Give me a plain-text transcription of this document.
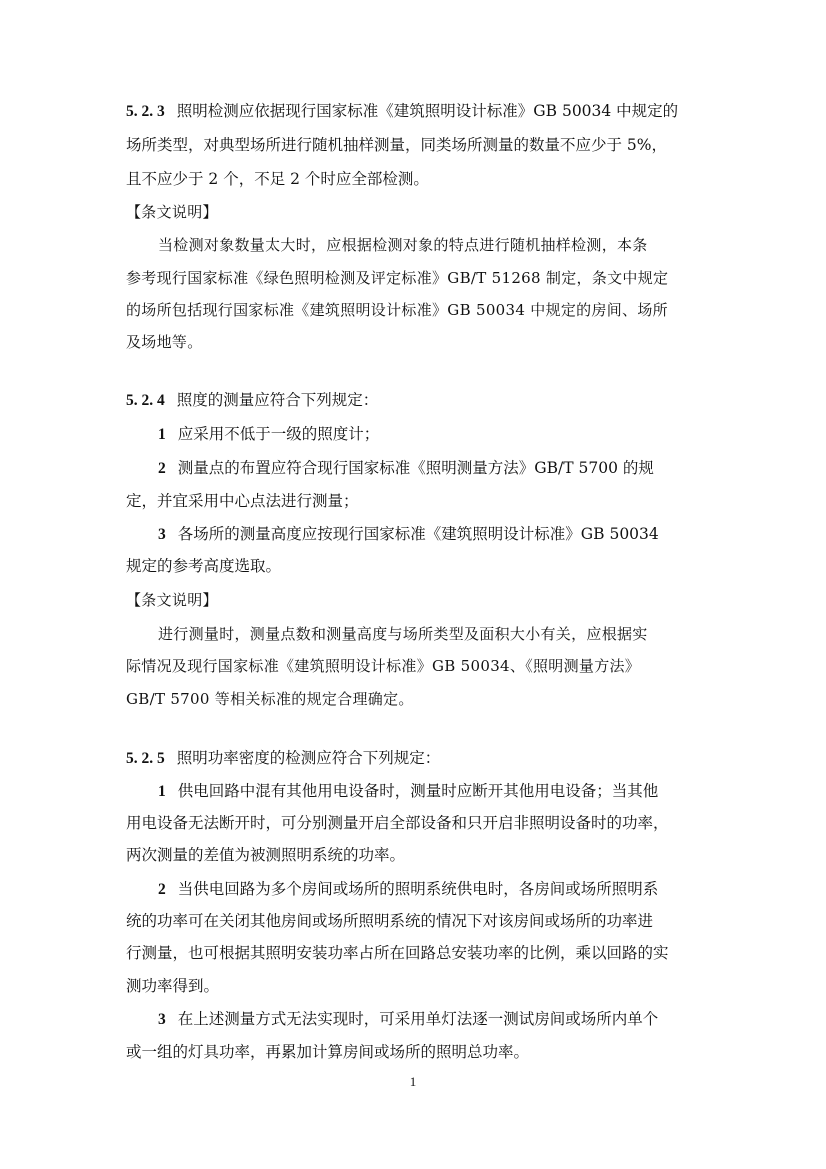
5. 2. 3 照明检测应依据现行国家标准《建筑照明设计标准》GB 50034 中规定的
场所类型，对典型场所进行随机抽样测量，同类场所测量的数量不应少于 5%，
且不应少于 2 个，不足 2 个时应全部检测。
【条文说明】
当检测对象数量太大时，应根据检测对象的特点进行随机抽样检测，本条
参考现行国家标准《绿色照明检测及评定标准》GB/T 51268 制定，条文中规定
的场所包括现行国家标准《建筑照明设计标准》GB 50034 中规定的房间、场所
及场地等。
5. 2. 4 照度的测量应符合下列规定：
1 应采用不低于一级的照度计；
2 测量点的布置应符合现行国家标准《照明测量方法》GB/T 5700 的规
定，并宜采用中心点法进行测量；
3 各场所的测量高度应按现行国家标准《建筑照明设计标准》GB 50034
规定的参考高度选取。
【条文说明】
进行测量时，测量点数和测量高度与场所类型及面积大小有关，应根据实
际情况及现行国家标准《建筑照明设计标准》GB 50034、《照明测量方法》
GB/T 5700 等相关标准的规定合理确定。
5. 2. 5 照明功率密度的检测应符合下列规定：
1 供电回路中混有其他用电设备时，测量时应断开其他用电设备；当其他
用电设备无法断开时，可分别测量开启全部设备和只开启非照明设备时的功率，
两次测量的差值为被测照明系统的功率。
2 当供电回路为多个房间或场所的照明系统供电时，各房间或场所照明系
统的功率可在关闭其他房间或场所照明系统的情况下对该房间或场所的功率进
行测量，也可根据其照明安装功率占所在回路总安装功率的比例，乘以回路的实
测功率得到。
3 在上述测量方式无法实现时，可采用单灯法逐一测试房间或场所内单个
或一组的灯具功率，再累加计算房间或场所的照明总功率。
1
